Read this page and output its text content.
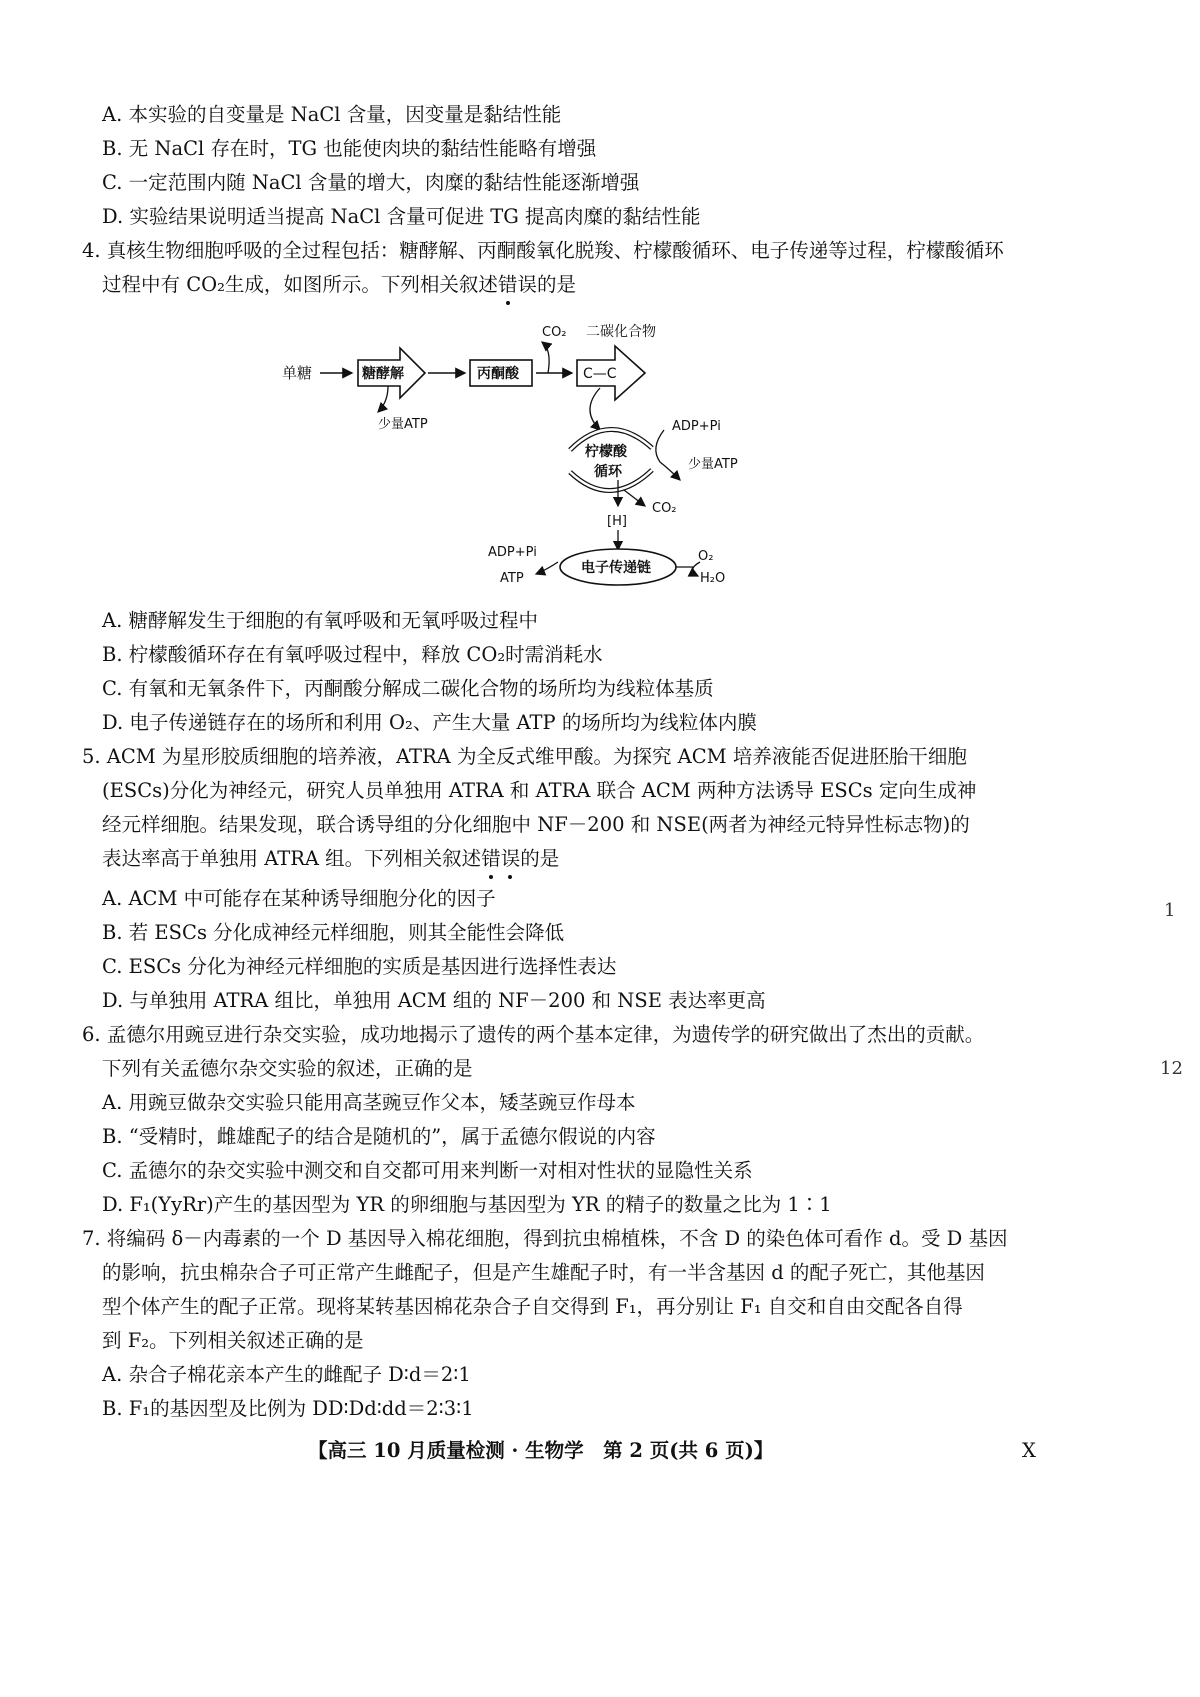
A. 本实验的自变量是 NaCl 含量，因变量是黏结性能
B. 无 NaCl 存在时，TG 也能使肉块的黏结性能略有增强
C. 一定范围内随 NaCl 含量的增大，肉糜的黏结性能逐渐增强
D. 实验结果说明适当提高 NaCl 含量可促进 TG 提高肉糜的黏结性能
4. 真核生物细胞呼吸的全过程包括：糖酵解、丙酮酸氧化脱羧、柠檬酸循环、电子传递等过程，柠檬酸循环
过程中有 CO₂生成，如图所示。下列相关叙述错误的是
单糖	糖酵解
少量ATP
丙酮酸
CO₂ 二碳化合物
C—C
柠檬酸
循环
ADP+Pi
少量ATP
CO₂
[H]
电子传递链
ADP+Pi
ATP
O₂
H₂O
A. 糖酵解发生于细胞的有氧呼吸和无氧呼吸过程中
B. 柠檬酸循环存在有氧呼吸过程中，释放 CO₂时需消耗水
C. 有氧和无氧条件下，丙酮酸分解成二碳化合物的场所均为线粒体基质
D. 电子传递链存在的场所和利用 O₂、产生大量 ATP 的场所均为线粒体内膜
5. ACM 为星形胶质细胞的培养液，ATRA 为全反式维甲酸。为探究 ACM 培养液能否促进胚胎干细胞
(ESCs)分化为神经元，研究人员单独用 ATRA 和 ATRA 联合 ACM 两种方法诱导 ESCs 定向生成神
经元样细胞。结果发现，联合诱导组的分化细胞中 NF－200 和 NSE(两者为神经元特异性标志物)的
表达率高于单独用 ATRA 组。下列相关叙述错误的是
A. ACM 中可能存在某种诱导细胞分化的因子
B. 若 ESCs 分化成神经元样细胞，则其全能性会降低
C. ESCs 分化为神经元样细胞的实质是基因进行选择性表达
D. 与单独用 ATRA 组比，单独用 ACM 组的 NF－200 和 NSE 表达率更高
6. 孟德尔用豌豆进行杂交实验，成功地揭示了遗传的两个基本定律，为遗传学的研究做出了杰出的贡献。
下列有关孟德尔杂交实验的叙述，正确的是
A. 用豌豆做杂交实验只能用高茎豌豆作父本，矮茎豌豆作母本
B. “受精时，雌雄配子的结合是随机的”，属于孟德尔假说的内容
C. 孟德尔的杂交实验中测交和自交都可用来判断一对相对性状的显隐性关系
D. F₁(YyRr)产生的基因型为 YR 的卵细胞与基因型为 YR 的精子的数量之比为 1∶1
7. 将编码 δ－内毒素的一个 D 基因导入棉花细胞，得到抗虫棉植株，不含 D 的染色体可看作 d。受 D 基因
的影响，抗虫棉杂合子可正常产生雌配子，但是产生雄配子时，有一半含基因 d 的配子死亡，其他基因
型个体产生的配子正常。现将某转基因棉花杂合子自交得到 F₁，再分别让 F₁ 自交和自由交配各自得
到 F₂。下列相关叙述正确的是
A. 杂合子棉花亲本产生的雌配子 D∶d＝2∶1
B. F₁的基因型及比例为 DD∶Dd∶dd＝2∶3∶1
1
12
【高三 10 月质量检测 · 生物学　第 2 页(共 6 页)】	X
